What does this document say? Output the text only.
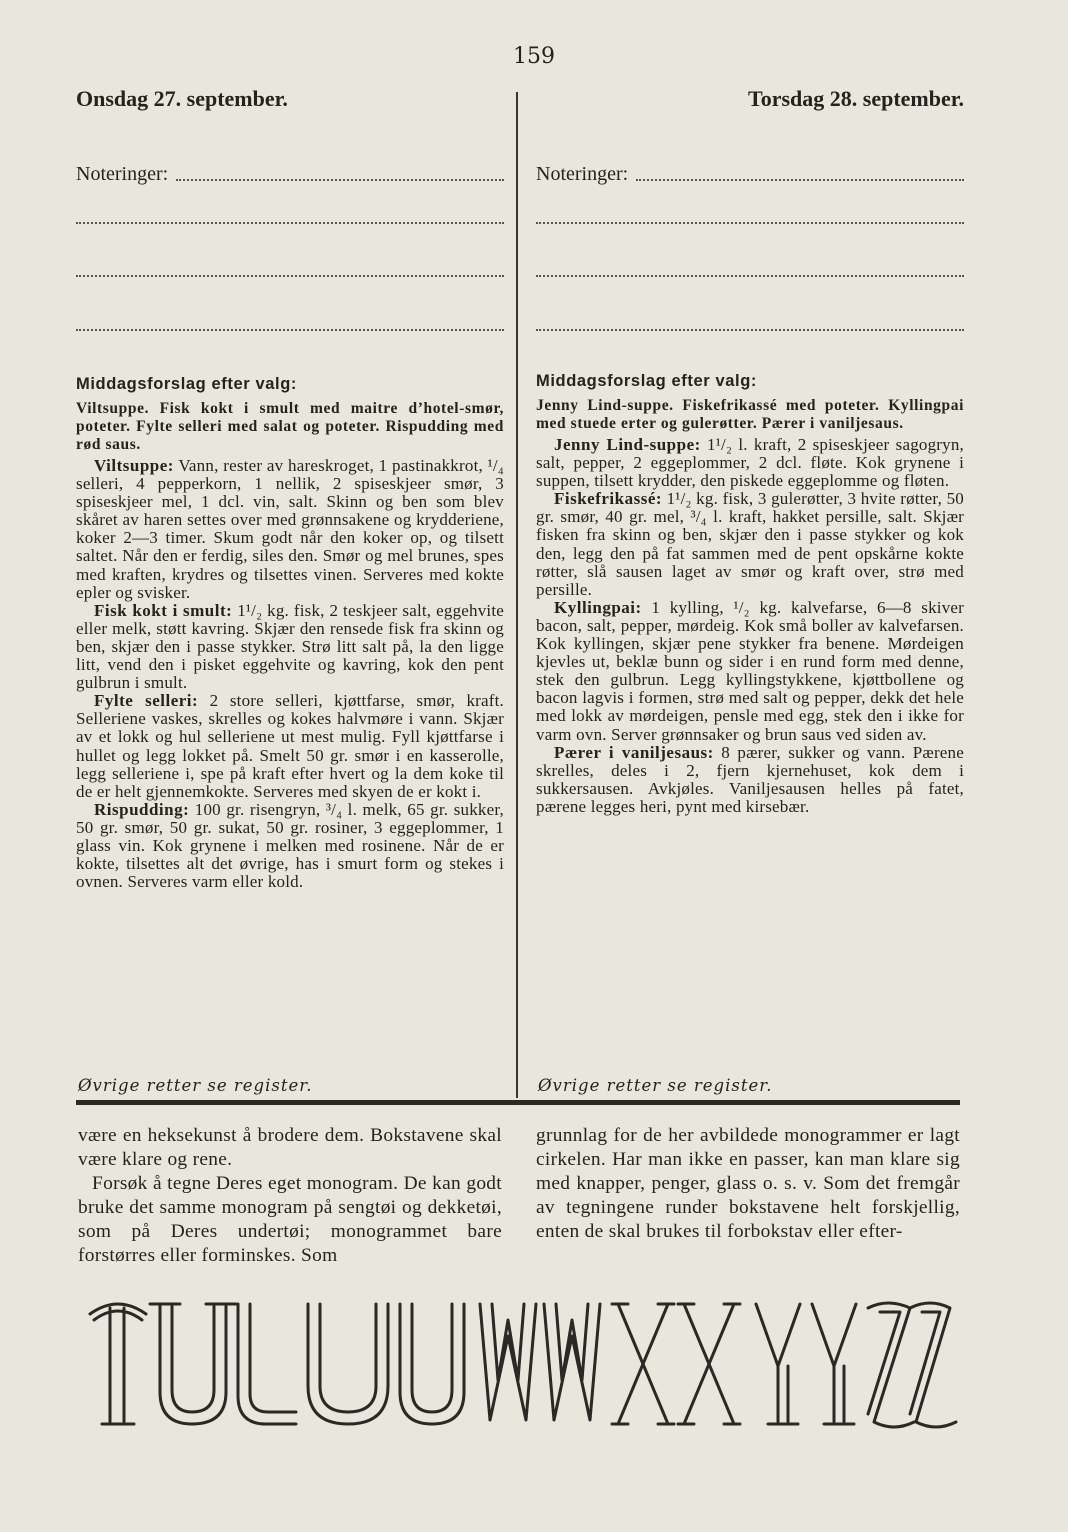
159
Onsdag 27. september.
Noteringer:
Middagsforslag efter valg:
Viltsuppe. Fisk kokt i smult med maitre d’hotel-smør, poteter. Fylte selleri med salat og poteter. Rispudding med rød saus.
Viltsuppe: Vann, rester av hareskroget, 1 pastinakkrot, ¹/₄ selleri, 4 pepperkorn, 1 nellik, 2 spiseskjeer smør, 3 spiseskjeer mel, 1 dcl. vin, salt. Skinn og ben som blev skåret av haren settes over med grønnsakene og krydderiene, koker 2—3 timer. Skum godt når den koker op, og tilsett saltet. Når den er ferdig, siles den. Smør og mel brunes, spes med kraften, krydres og tilsettes vinen. Serveres med kokte epler og svisker.
Fisk kokt i smult: 1¹/₂ kg. fisk, 2 teskjeer salt, eggehvite eller melk, støtt kavring. Skjær den rensede fisk fra skinn og ben, skjær den i passe stykker. Strø litt salt på, la den ligge litt, vend den i pisket eggehvite og kavring, kok den pent gulbrun i smult.
Fylte selleri: 2 store selleri, kjøttfarse, smør, kraft. Selleriene vaskes, skrelles og kokes halvmøre i vann. Skjær av et lokk og hul selleriene ut mest mulig. Fyll kjøttfarse i hullet og legg lokket på. Smelt 50 gr. smør i en kasserolle, legg selleriene i, spe på kraft efter hvert og la dem koke til de er helt gjennemkokte. Serveres med skyen de er kokt i.
Rispudding: 100 gr. risengryn, ³/₄ l. melk, 65 gr. sukker, 50 gr. smør, 50 gr. sukat, 50 gr. rosiner, 3 eggeplommer, 1 glass vin. Kok grynene i melken med rosinene. Når de er kokte, tilsettes alt det øvrige, has i smurt form og stekes i ovnen. Serveres varm eller kold.
Øvrige retter se register.
Torsdag 28. september.
Noteringer:
Middagsforslag efter valg:
Jenny Lind-suppe. Fiskefrikassé med poteter. Kyllingpai med stuede erter og gulerøtter. Pærer i vaniljesaus.
Jenny Lind-suppe: 1¹/₂ l. kraft, 2 spiseskjeer sagogryn, salt, pepper, 2 eggeplommer, 2 dcl. fløte. Kok grynene i suppen, tilsett krydder, den piskede eggeplomme og fløten.
Fiskefrikassé: 1¹/₂ kg. fisk, 3 gulerøtter, 3 hvite røtter, 50 gr. smør, 40 gr. mel, ³/₄ l. kraft, hakket persille, salt. Skjær fisken fra skinn og ben, skjær den i passe stykker og kok den, legg den på fat sammen med de pent opskårne kokte røtter, slå sausen laget av smør og kraft over, strø med persille.
Kyllingpai: 1 kylling, ¹/₂ kg. kalvefarse, 6—8 skiver bacon, salt, pepper, mørdeig. Kok små boller av kalvefarsen. Kok kyllingen, skjær pene stykker fra benene. Mørdeigen kjevles ut, beklæ bunn og sider i en rund form med denne, stek den gulbrun. Legg kyllingstykkene, kjøttbollene og bacon lagvis i formen, strø med salt og pepper, dekk det hele med lokk av mørdeigen, pensle med egg, stek den i ikke for varm ovn. Server grønnsaker og brun saus ved siden av.
Pærer i vaniljesaus: 8 pærer, sukker og vann. Pærene skrelles, deles i 2, fjern kjernehuset, kok dem i sukkersausen. Avkjøles. Vaniljesausen helles på fatet, pærene legges heri, pynt med kirsebær.
Øvrige retter se register.

være en heksekunst å brodere dem. Bokstavene skal være klare og rene.

Forsøk å tegne Deres eget monogram. De kan godt bruke det samme monogram på sengtøi og dekketøi, som på Deres undertøi; monogrammet bare forstørres eller forminskes. Som

grunnlag for de her avbildede monogrammer er lagt cirkelen. Har man ikke en passer, kan man klare sig med knapper, penger, glass o. s. v. Som det fremgår av tegningene runder bokstavene helt forskjellig, enten de skal brukes til forbokstav eller efter-
